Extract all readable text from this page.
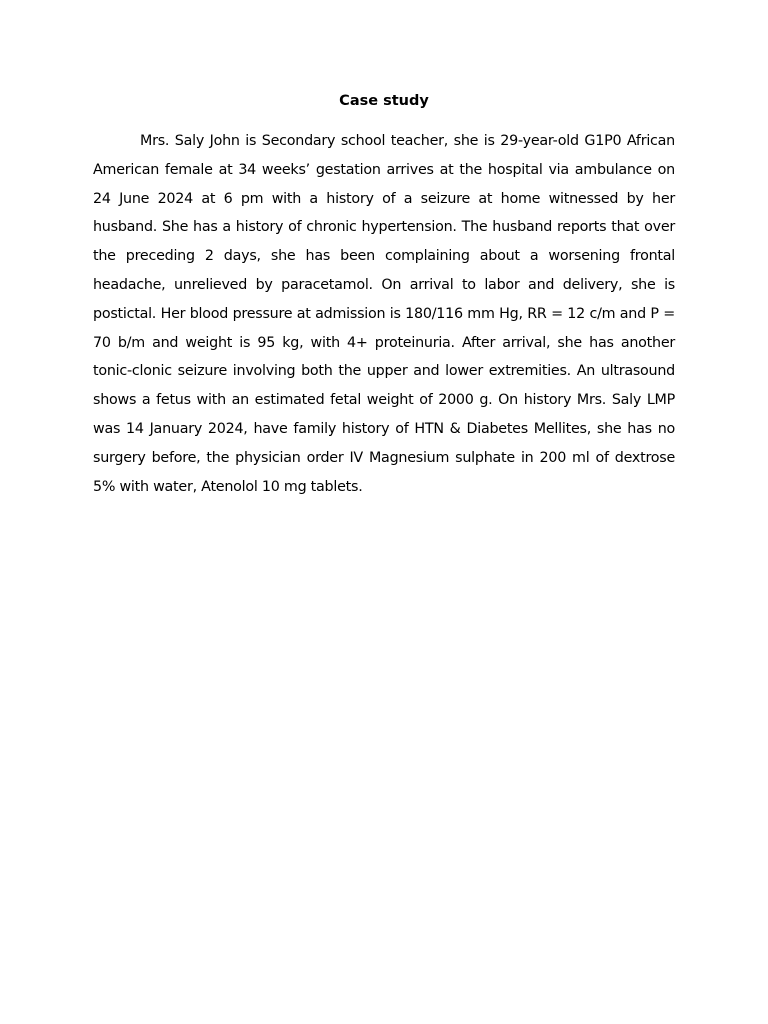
Case study

Mrs. Saly John is Secondary school teacher, she is 29-year-old G1P0 African American female at 34 weeks’ gestation arrives at the hospital via ambulance on 24 June 2024 at 6 pm with a history of a seizure at home witnessed by her husband. She has a history of chronic hypertension. The husband reports that over the preceding 2 days, she has been complaining about a worsening frontal headache, unrelieved by paracetamol. On arrival to labor and delivery, she is postictal. Her blood pressure at admission is 180/116 mm Hg, RR = 12 c/m and P = 70 b/m and weight is 95 kg, with 4+ proteinuria. After arrival, she has another tonic-clonic seizure involving both the upper and lower extremities. An ultrasound shows a fetus with an estimated fetal weight of 2000 g. On history Mrs. Saly LMP was 14 January 2024, have family history of HTN & Diabetes Mellites, she has no surgery before, the physician order IV Magnesium sulphate in 200 ml of dextrose 5% with water, Atenolol 10 mg tablets.
